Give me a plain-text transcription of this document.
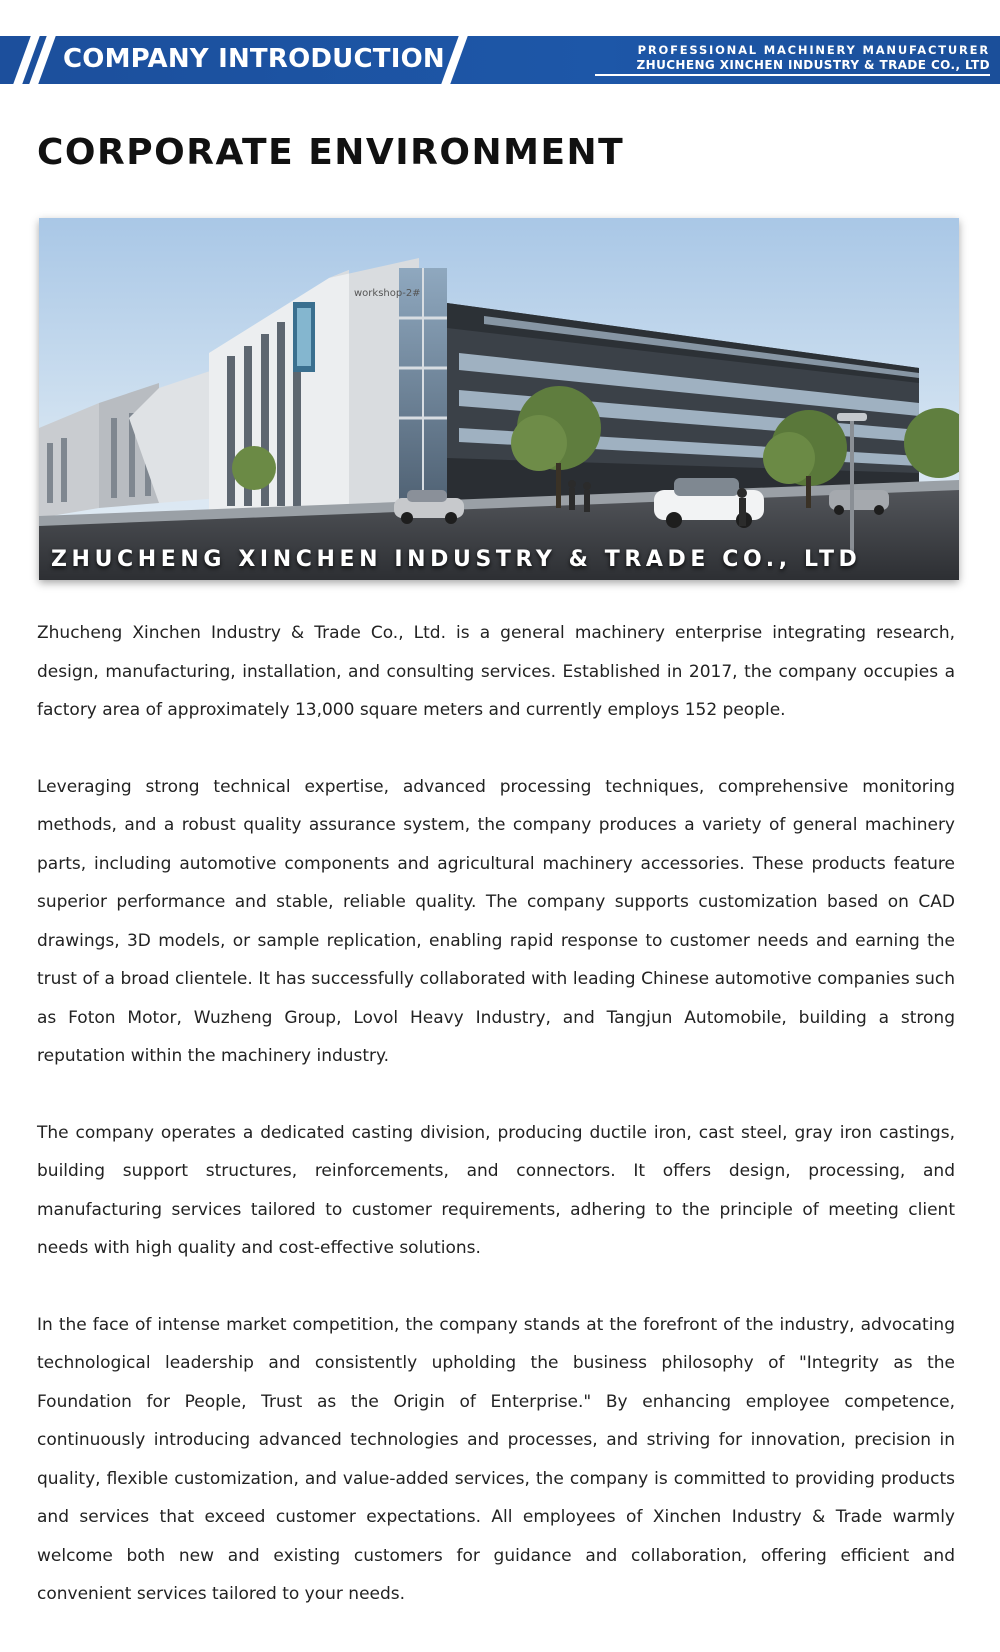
COMPANY INTRODUCTION	PROFESSIONAL MACHINERY MANUFACTURER
ZHUCHENG XINCHEN INDUSTRY & TRADE CO., LTD
CORPORATE ENVIRONMENT
workshop-2#
ZHUCHENG XINCHEN INDUSTRY & TRADE CO., LTD

Zhucheng Xinchen Industry & Trade Co., Ltd. is a general machinery enterprise integrating research, design, manufacturing, installation, and consulting services. Established in 2017, the company occupies a factory area of approximately 13,000 square meters and currently employs 152 people.

Leveraging strong technical expertise, advanced processing techniques, comprehensive monitoring methods, and a robust quality assurance system, the company produces a variety of general machinery parts, including automotive components and agricultural machinery accessories. These products feature superior performance and stable, reliable quality. The company supports customization based on CAD drawings, 3D models, or sample replication, enabling rapid response to customer needs and earning the trust of a broad clientele. It has successfully collaborated with leading Chinese automotive companies such as Foton Motor, Wuzheng Group, Lovol Heavy Industry, and Tangjun Automobile, building a strong reputation within the machinery industry.

The company operates a dedicated casting division, producing ductile iron, cast steel, gray iron castings, building support structures, reinforcements, and connectors. It offers design, processing, and manufacturing services tailored to customer requirements, adhering to the principle of meeting client needs with high quality and cost-effective solutions.

In the face of intense market competition, the company stands at the forefront of the industry, advocating technological leadership and consistently upholding the business philosophy of "Integrity as the Foundation for People, Trust as the Origin of Enterprise." By enhancing employee competence, continuously introducing advanced technologies and processes, and striving for innovation, precision in quality, flexible customization, and value-added services, the company is committed to providing products and services that exceed customer expectations. All employees of Xinchen Industry & Trade warmly welcome both new and existing customers for guidance and collaboration, offering efficient and convenient services tailored to your needs.
